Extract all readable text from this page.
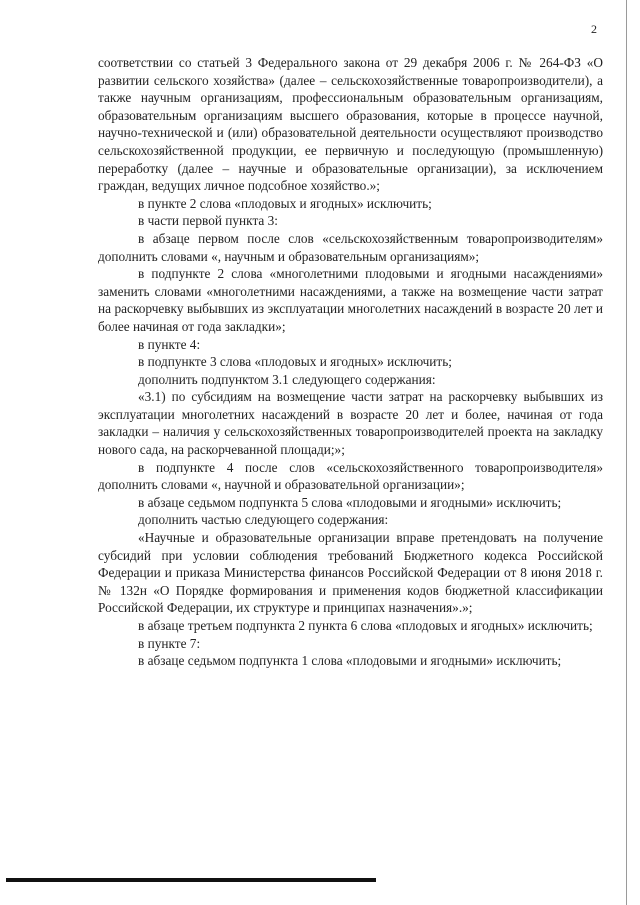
2

соответствии со статьей 3 Федерального закона от 29 декабря 2006 г. № 264-ФЗ «О развитии сельского хозяйства» (далее – сельскохозяйственные товаропроизводители), а также научным организациям, профессиональным образовательным организациям, образовательным организациям высшего образования, которые в процессе научной, научно-технической и (или) образовательной деятельности осуществляют производство сельскохозяйственной продукции, ее первичную и последующую (промышленную) переработку (далее – научные и образовательные организации), за исключением граждан, ведущих личное подсобное хозяйство.»;

в пункте 2 слова «плодовых и ягодных» исключить;

в части первой пункта 3:

в абзаце первом после слов «сельскохозяйственным товаропроизводителям» дополнить словами «, научным и образовательным организациям»;

в подпункте 2 слова «многолетними плодовыми и ягодными насаждениями» заменить словами «многолетними насаждениями, а также на возмещение части затрат на раскорчевку выбывших из эксплуатации многолетних насаждений в возрасте 20 лет и более начиная от года закладки»;

в пункте 4:

в подпункте 3 слова «плодовых и ягодных» исключить;

дополнить подпунктом 3.1 следующего содержания:

«3.1) по субсидиям на возмещение части затрат на раскорчевку выбывших из эксплуатации многолетних насаждений в возрасте 20 лет и более, начиная от года закладки – наличия у сельскохозяйственных товаропроизводителей проекта на закладку нового сада, на раскорчеванной площади;»;

в подпункте 4 после слов «сельскохозяйственного товаропроизводителя» дополнить словами «, научной и образовательной организации»;

в абзаце седьмом подпункта 5 слова «плодовыми и ягодными» исключить;

дополнить частью следующего содержания:

«Научные и образовательные организации вправе претендовать на получение субсидий при условии соблюдения требований Бюджетного кодекса Российской Федерации и приказа Министерства финансов Российской Федерации от 8 июня 2018 г. № 132н «О Порядке формирования и применения кодов бюджетной классификации Российской Федерации, их структуре и принципах назначения».»;

в абзаце третьем подпункта 2 пункта 6 слова «плодовых и ягодных» исключить;

в пункте 7:

в абзаце седьмом подпункта 1 слова «плодовыми и ягодными» исключить;
